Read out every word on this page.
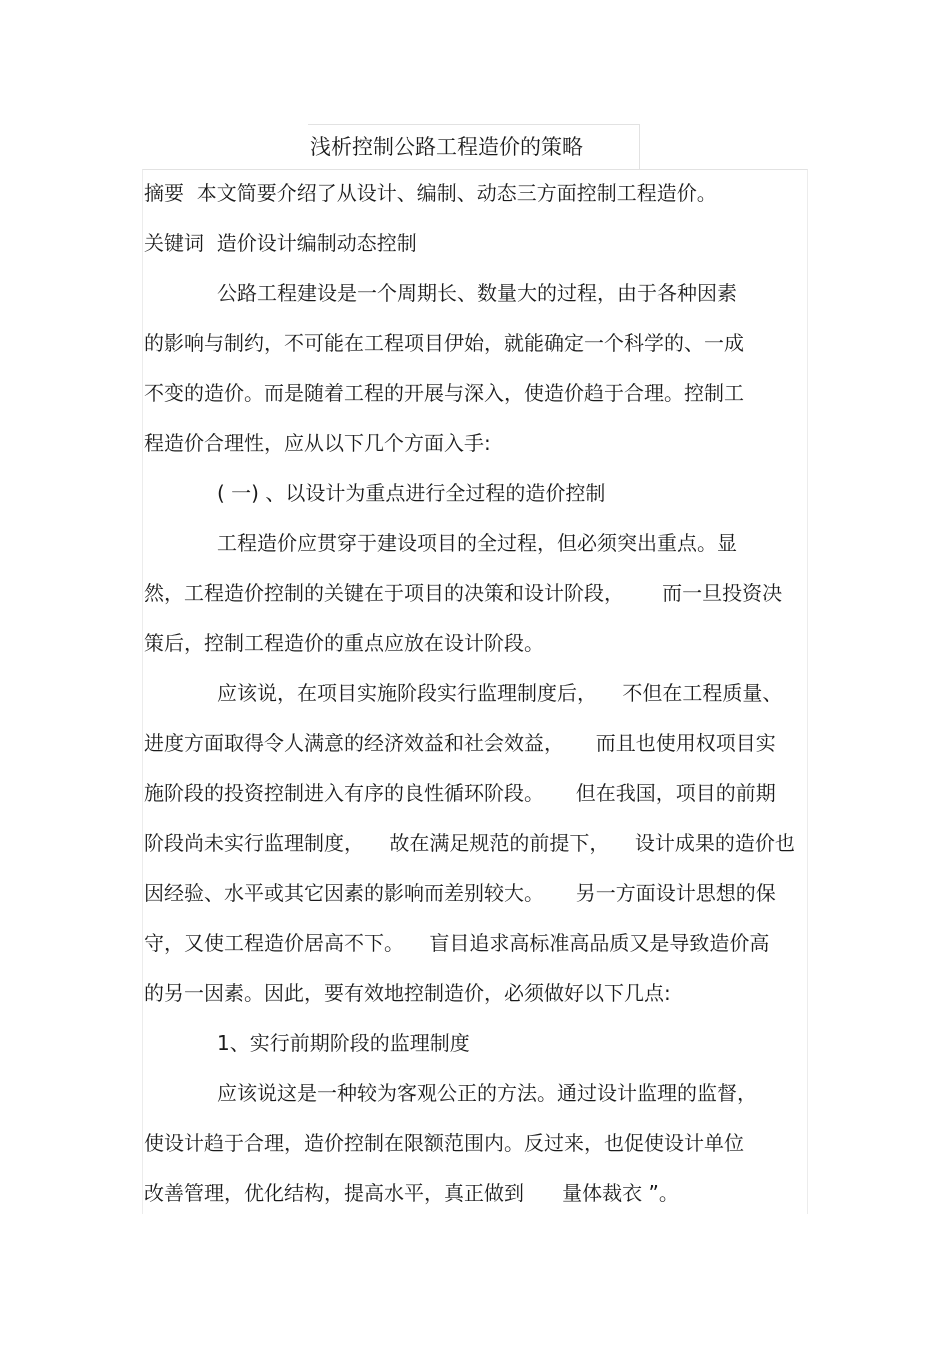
浅析控制公路工程造价的策略

摘要  本文简要介绍了从设计、编制、动态三方面控制工程造价。

关键词  造价设计编制动态控制

公路工程建设是一个周期长、数量大的过程，由于各种因素

的影响与制约，不可能在工程项目伊始，就能确定一个科学的、一成

不变的造价。而是随着工程的开展与深入，使造价趋于合理。控制工

程造价合理性，应从以下几个方面入手:

( 一) 、以设计为重点进行全过程的造价控制

工程造价应贯穿于建设项目的全过程，但必须突出重点。显

然，工程造价控制的关键在于项目的决策和设计阶段，      而一旦投资决

策后，控制工程造价的重点应放在设计阶段。

应该说，在项目实施阶段实行监理制度后，    不但在工程质量、

进度方面取得令人满意的经济效益和社会效益，     而且也使用权项目实

施阶段的投资控制进入有序的良性循环阶段。     但在我国，项目的前期

阶段尚未实行监理制度，    故在满足规范的前提下，    设计成果的造价也

因经验、水平或其它因素的影响而差别较大。     另一方面设计思想的保

守，又使工程造价居高不下。    盲目追求高标准高品质又是导致造价高

的另一因素。因此，要有效地控制造价，必须做好以下几点:

1、实行前期阶段的监理制度

应该说这是一种较为客观公正的方法。通过设计监理的监督，

使设计趋于合理，造价控制在限额范围内。反过来，也促使设计单位

改善管理，优化结构，提高水平，真正做到      量体裁衣 ”。
